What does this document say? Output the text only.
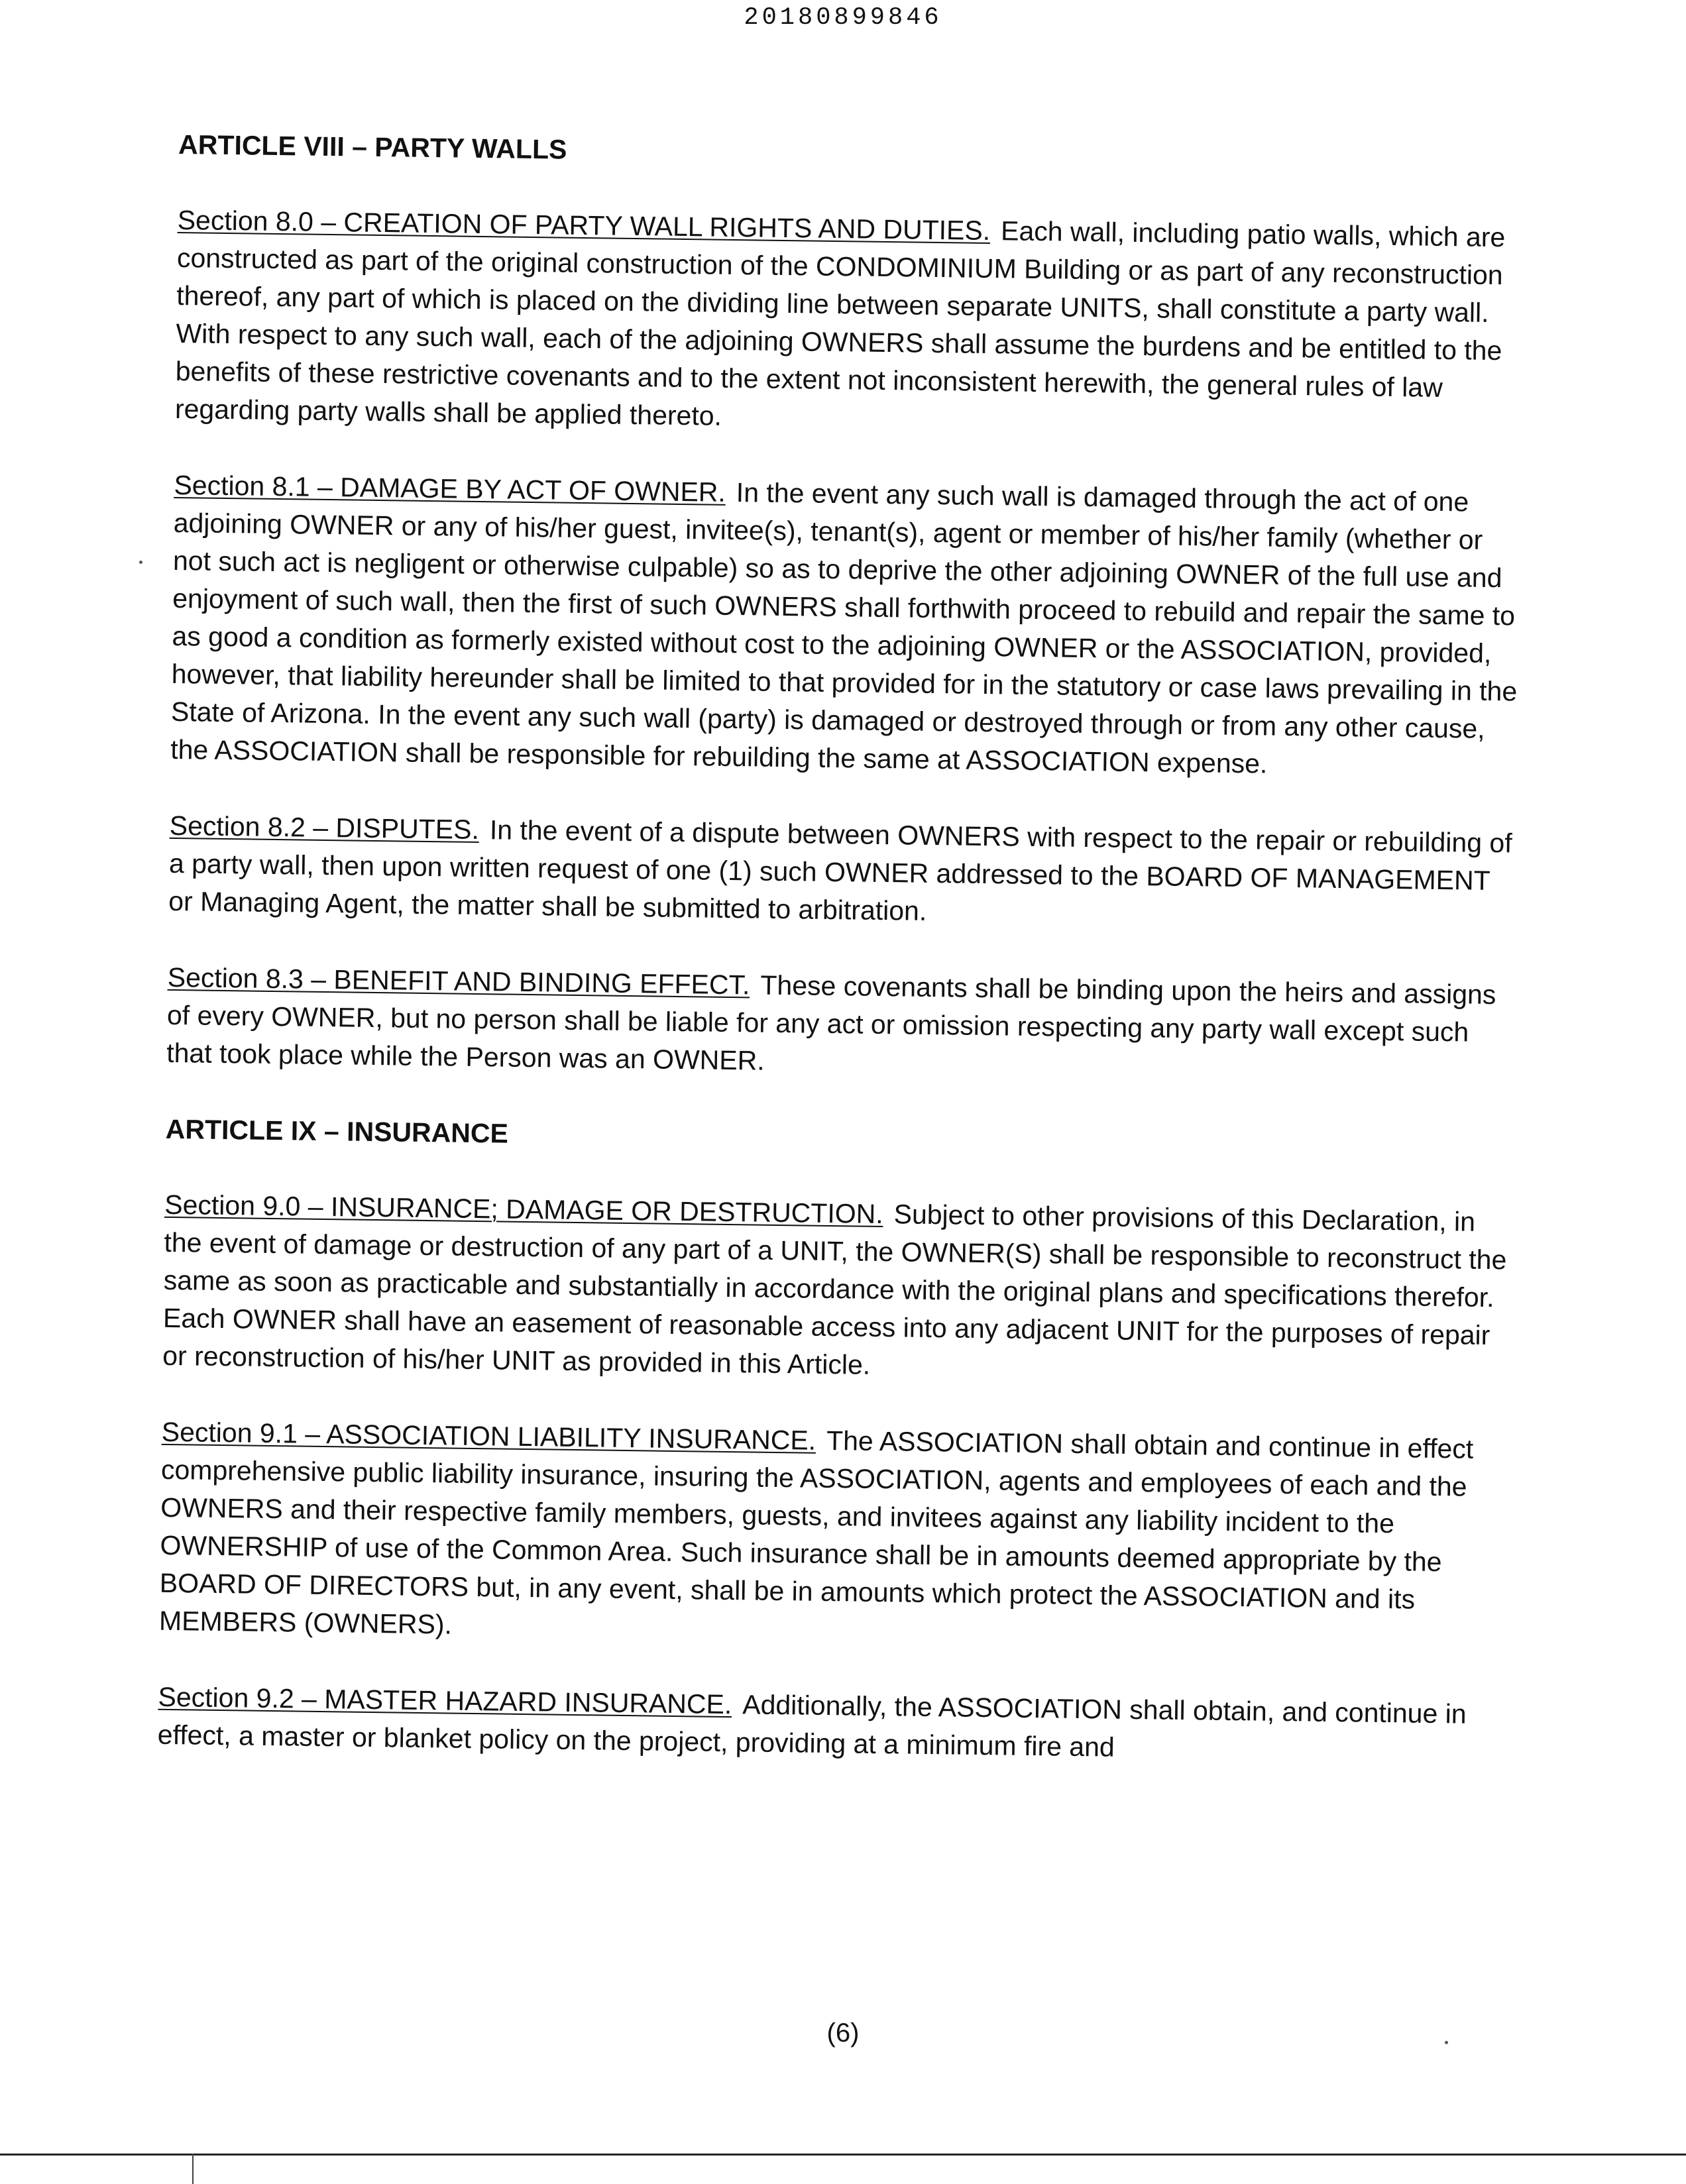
20180899846
ARTICLE VIII – PARTY WALLS
Section 8.0 – CREATION OF PARTY WALL RIGHTS AND DUTIES. Each wall, including patio walls, which are constructed as part of the original construction of the CONDOMINIUM Building or as part of any reconstruction thereof, any part of which is placed on the dividing line between separate UNITS, shall constitute a party wall. With respect to any such wall, each of the adjoining OWNERS shall assume the burdens and be entitled to the benefits of these restrictive covenants and to the extent not inconsistent herewith, the general rules of law regarding party walls shall be applied thereto.
Section 8.1 – DAMAGE BY ACT OF OWNER. In the event any such wall is damaged through the act of one adjoining OWNER or any of his/her guest, invitee(s), tenant(s), agent or member of his/her family (whether or not such act is negligent or otherwise culpable) so as to deprive the other adjoining OWNER of the full use and enjoyment of such wall, then the first of such OWNERS shall forthwith proceed to rebuild and repair the same to as good a condition as formerly existed without cost to the adjoining OWNER or the ASSOCIATION, provided, however, that liability hereunder shall be limited to that provided for in the statutory or case laws prevailing in the State of Arizona. In the event any such wall (party) is damaged or destroyed through or from any other cause, the ASSOCIATION shall be responsible for rebuilding the same at ASSOCIATION expense.
Section 8.2 – DISPUTES. In the event of a dispute between OWNERS with respect to the repair or rebuilding of a party wall, then upon written request of one (1) such OWNER addressed to the BOARD OF MANAGEMENT or Managing Agent, the matter shall be submitted to arbitration.
Section 8.3 – BENEFIT AND BINDING EFFECT. These covenants shall be binding upon the heirs and assigns of every OWNER, but no person shall be liable for any act or omission respecting any party wall except such that took place while the Person was an OWNER.
ARTICLE IX – INSURANCE
Section 9.0 – INSURANCE; DAMAGE OR DESTRUCTION. Subject to other provisions of this Declaration, in the event of damage or destruction of any part of a UNIT, the OWNER(S) shall be responsible to reconstruct the same as soon as practicable and substantially in accordance with the original plans and specifications therefor. Each OWNER shall have an easement of reasonable access into any adjacent UNIT for the purposes of repair or reconstruction of his/her UNIT as provided in this Article.
Section 9.1 – ASSOCIATION LIABILITY INSURANCE. The ASSOCIATION shall obtain and continue in effect comprehensive public liability insurance, insuring the ASSOCIATION, agents and employees of each and the OWNERS and their respective family members, guests, and invitees against any liability incident to the OWNERSHIP of use of the Common Area. Such insurance shall be in amounts deemed appropriate by the BOARD OF DIRECTORS but, in any event, shall be in amounts which protect the ASSOCIATION and its MEMBERS (OWNERS).
Section 9.2 – MASTER HAZARD INSURANCE. Additionally, the ASSOCIATION shall obtain, and continue in effect, a master or blanket policy on the project, providing at a minimum fire and
(6)
